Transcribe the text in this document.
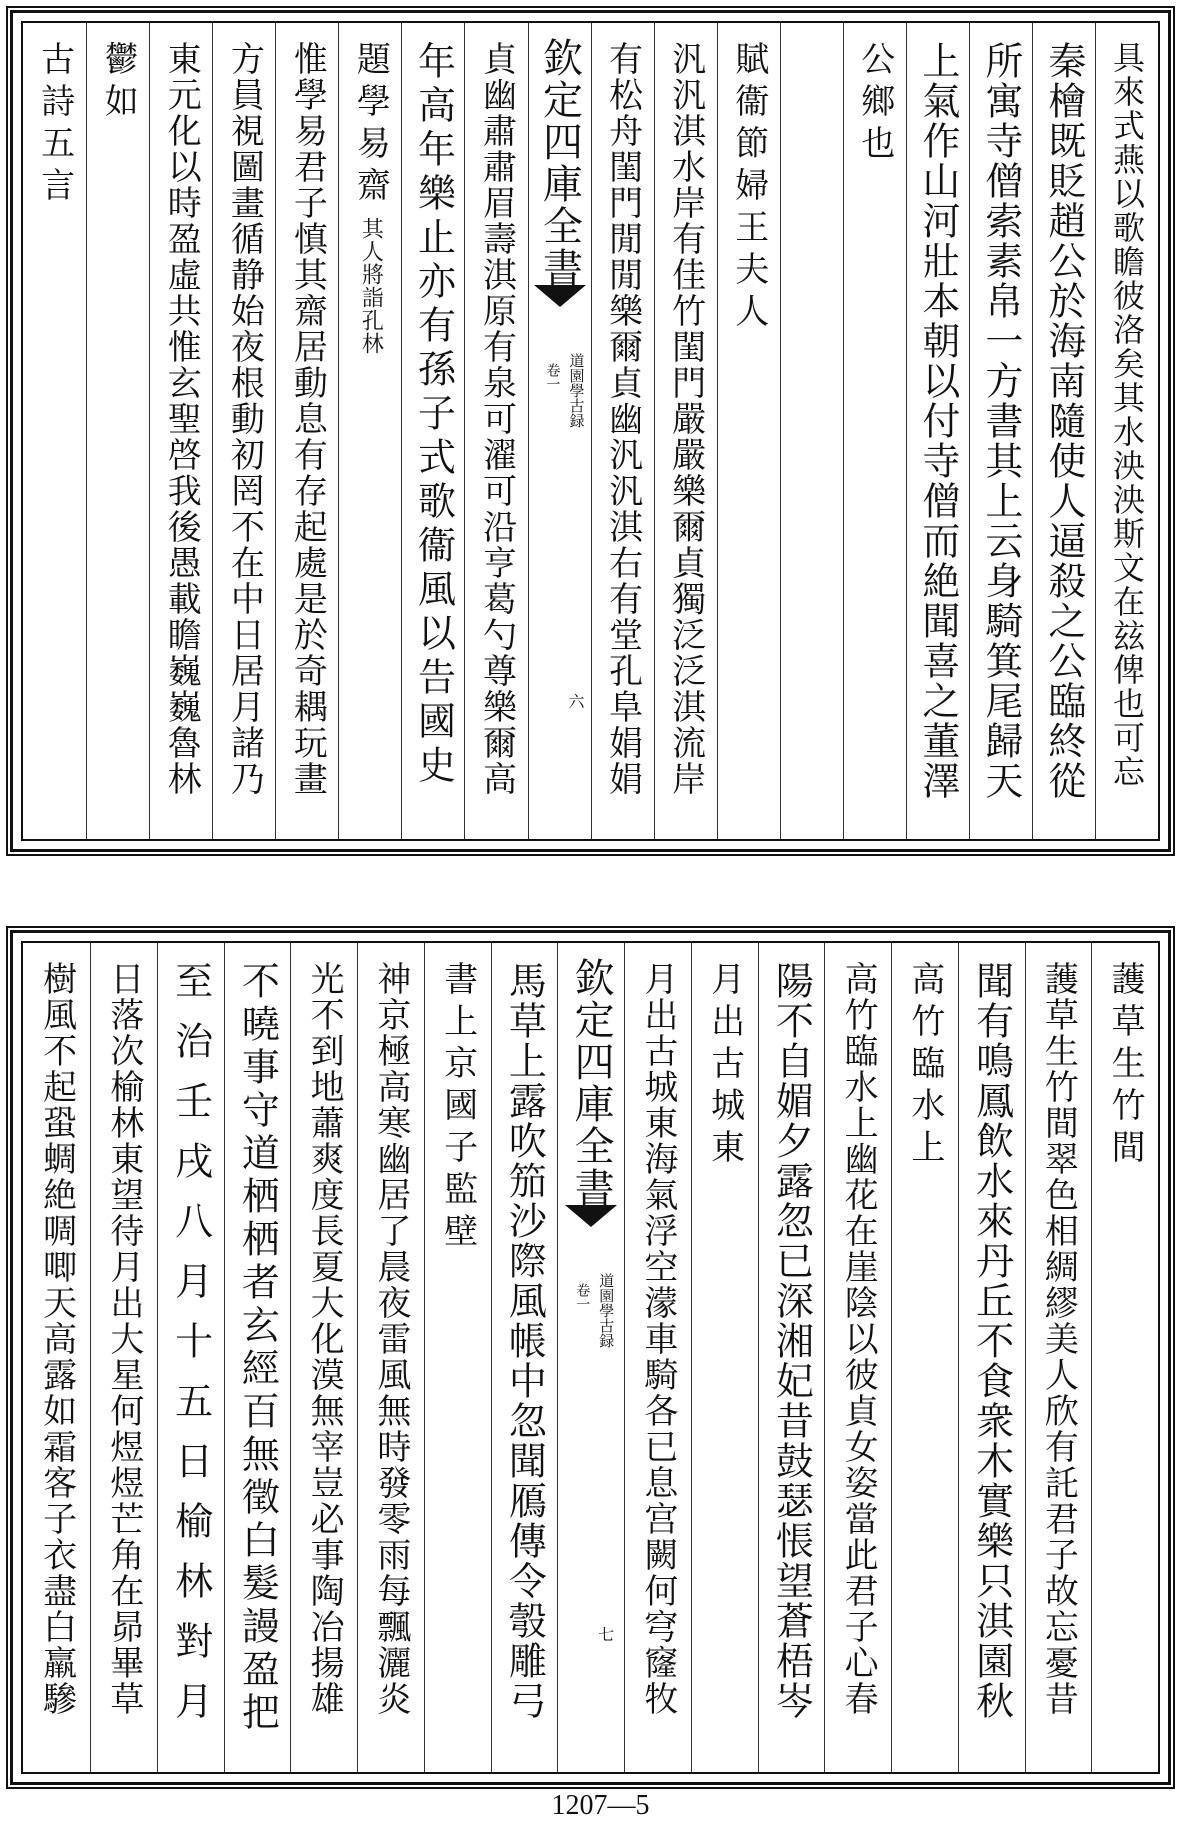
具來式燕以歌瞻彼洛矣其水泱泱斯文在玆俾也可忘
秦檜既貶趙公於海南隨使人逼殺之公臨終從
所寓寺僧索素帛一方書其上云身騎箕尾歸天
上氣作山河壯本朝以付寺僧而絶聞喜之董澤
公鄉也
賦衞節婦王夫人
汎汎淇水岸有佳竹閨門嚴嚴樂爾貞獨泛泛淇流岸
有松舟閨門閒閒樂爾貞幽汎汎淇右有堂孔阜娟娟
欽定四庫全書
道園學古録
卷一
六
貞幽肅肅眉壽淇原有泉可濯可沿亨葛勺尊樂爾高
年高年樂止亦有孫子式歌衞風以告國史
題學易齋
其人將詣孔林
惟學易君子慎其齋居動息有存起處是於奇耦玩畫
方員視圖畫循静始夜根動初罔不在中日居月諸乃
東元化以時盈虛共惟玄聖啓我後愚載瞻巍巍魯林
鬱如
古詩五言
䕶草生竹間
䕶草生竹間翠色相綢繆美人欣有託君子故忘憂昔
聞有鳴鳳飲水來丹丘不食衆木實樂只淇園秋
高竹臨水上
高竹臨水上幽花在崖陰以彼貞女姿當此君子心春
陽不自媚夕露忽已深湘妃昔鼓瑟悵望蒼梧岑
月出古城東
月出古城東海氣浮空濛車騎各已息宫闕何穹窿牧
欽定四庫全書
道園學古録
卷一
七
馬草上露吹笳沙際風帳中忽聞鴈傳令彀雕弓
書上京國子監壁
神京極高寒幽居了晨夜雷風無時發零雨每飄灑炎
光不到地蕭爽度長夏大化漠無宰豈必事陶冶揚雄
不曉事守道栖栖者玄經百無徵白髮謾盈把
至治壬戌八月十五日榆林對月
日落次榆林東望待月出大星何煜煜芒角在昴畢草
樹風不起蛩蜩絶啁唧天高露如霜客子衣盡白羸驂
1207—5
